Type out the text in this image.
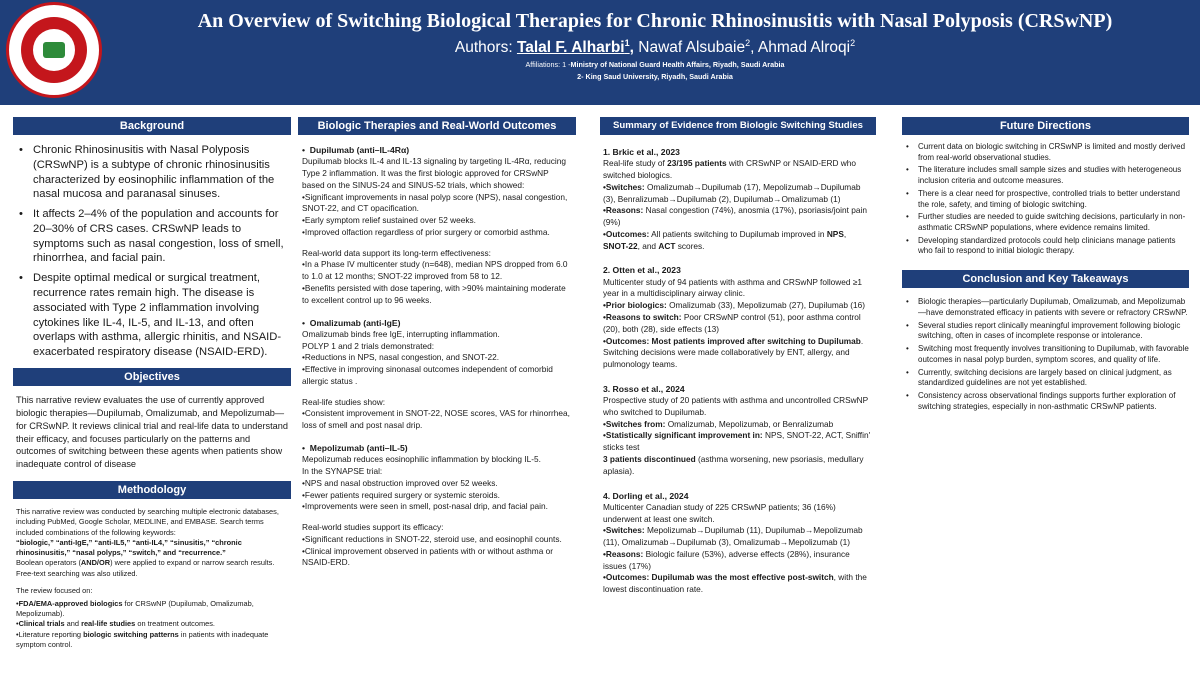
An Overview of Switching Biological Therapies for Chronic Rhinosinusitis with Nasal Polyposis (CRSwNP)
Authors: Talal F. Alharbi$^1$, Nawaf Alsubaie$^2$, Ahmad Alroqi$^2$
Affiliations: 1 -Ministry of National Guard Health Affairs, Riyadh, Saudi Arabia
2- King Saud University, Riyadh, Saudi Arabia
Background
• Chronic Rhinosinusitis with Nasal Polyposis (CRSwNP) is a subtype of chronic rhinosinusitis characterized by eosinophilic inflammation of the nasal mucosa and paranasal sinuses.
• It affects 2–4% of the population and accounts for 20–30% of CRS cases. CRSwNP leads to symptoms such as nasal congestion, loss of smell, rhinorrhea, and facial pain.
• Despite optimal medical or surgical treatment, recurrence rates remain high. The disease is associated with Type 2 inflammation involving cytokines like IL-4, IL-5, and IL-13, and often overlaps with asthma, allergic rhinitis, and NSAID-exacerbated respiratory disease (NSAID-ERD).
Objectives
This narrative review evaluates the use of currently approved biologic therapies—Dupilumab, Omalizumab, and Mepolizumab—for CRSwNP. It reviews clinical trial and real-life data to understand their efficacy, and focuses particularly on the patterns and outcomes of switching between these agents when patients show inadequate control of disease
Methodology
This narrative review was conducted by searching multiple electronic databases, including PubMed, Google Scholar, MEDLINE, and EMBASE. Search terms included combinations of the following keywords:
“biologic,” “anti-IgE,” “anti-IL5,” “anti-IL4,” “sinusitis,” “chronic rhinosinusitis,” “nasal polyps,” “switch,” and “recurrence.”
Boolean operators (AND/OR) were applied to expand or narrow search results. Free-text searching was also utilized.
The review focused on:
•FDA/EMA-approved biologics for CRSwNP (Dupilumab, Omalizumab, Mepolizumab).
•Clinical trials and real-life studies on treatment outcomes.
•Literature reporting biologic switching patterns in patients with inadequate symptom control.
Biologic Therapies and Real-World Outcomes
•  Dupilumab (anti–IL-4Rα)
Dupilumab blocks IL-4 and IL-13 signaling by targeting IL-4Rα, reducing Type 2 inflammation. It was the first biologic approved for CRSwNP based on the SINUS-24 and SINUS-52 trials, which showed:
•Significant improvements in nasal polyp score (NPS), nasal congestion, SNOT-22, and CT opacification.
•Early symptom relief sustained over 52 weeks.
•Improved olfaction regardless of prior surgery or comorbid asthma.
Real-world data support its long-term effectiveness:
•In a Phase IV multicenter study (n=648), median NPS dropped from 6.0 to 1.0 at 12 months; SNOT-22 improved from 58 to 12.
•Benefits persisted with dose tapering, with >90% maintaining moderate to excellent control up to 96 weeks.
•  Omalizumab (anti-IgE)
Omalizumab binds free IgE, interrupting inflammation.
POLYP 1 and 2 trials demonstrated:
•Reductions in NPS, nasal congestion, and SNOT-22.
•Effective in improving sinonasal outcomes independent of comorbid allergic status .
Real-life studies show:
•Consistent improvement in SNOT-22, NOSE scores, VAS for rhinorrhea, loss of smell and post nasal drip.
•  Mepolizumab (anti–IL-5)
Mepolizumab reduces eosinophilic inflammation by blocking IL-5.
In the SYNAPSE trial:
•NPS and nasal obstruction improved over 52 weeks.
•Fewer patients required surgery or systemic steroids.
•Improvements were seen in smell, post-nasal drip, and facial pain.
Real-world studies support its efficacy:
•Significant reductions in SNOT-22, steroid use, and eosinophil counts.
•Clinical improvement observed in patients with or without asthma or NSAID-ERD.
Summary of Evidence from Biologic Switching Studies
1. Brkic et al., 2023
Real-life study of 23/195 patients with CRSwNP or NSAID-ERD who switched biologics.
•Switches: Omalizumab→Dupilumab (17), Mepolizumab→Dupilumab (3), Benralizumab→Dupilumab (2), Dupilumab→Omalizumab (1)
•Reasons: Nasal congestion (74%), anosmia (17%), psoriasis/joint pain (9%)
•Outcomes: All patients switching to Dupilumab improved in NPS, SNOT-22, and ACT scores.
2. Otten et al., 2023
Multicenter study of 94 patients with asthma and CRSwNP followed ≥1 year in a multidisciplinary airway clinic.
•Prior biologics: Omalizumab (33), Mepolizumab (27), Dupilumab (16)
•Reasons to switch: Poor CRSwNP control (51), poor asthma control (20), both (28), side effects (13)
•Outcomes: Most patients improved after switching to Dupilumab. Switching decisions were made collaboratively by ENT, allergy, and pulmonology teams.
3. Rosso et al., 2024
Prospective study of 20 patients with asthma and uncontrolled CRSwNP who switched to Dupilumab.
•Switches from: Omalizumab, Mepolizumab, or Benralizumab
•Statistically significant improvement in: NPS, SNOT-22, ACT, Sniffin' sticks test
3 patients discontinued (asthma worsening, new psoriasis, medullary aplasia).
4. Dorling et al., 2024
Multicenter Canadian study of 225 CRSwNP patients; 36 (16%) underwent at least one switch.
•Switches: Mepolizumab→Dupilumab (11), Dupilumab→Mepolizumab (11), Omalizumab→Dupilumab (3), Omalizumab→Mepolizumab (1)
•Reasons: Biologic failure (53%), adverse effects (28%), insurance issues (17%)
•Outcomes: Dupilumab was the most effective post-switch, with the lowest discontinuation rate.
Future Directions
• Current data on biologic switching in CRSwNP is limited and mostly derived from real-world observational studies.
• The literature includes small sample sizes and studies with heterogeneous inclusion criteria and outcome measures.
• There is a clear need for prospective, controlled trials to better understand the role, safety, and timing of biologic switching.
• Further studies are needed to guide switching decisions, particularly in non-asthmatic CRSwNP populations, where evidence remains limited.
• Developing standardized protocols could help clinicians manage patients who fail to respond to initial biologic therapy.
Conclusion and Key Takeaways
• Biologic therapies—particularly Dupilumab, Omalizumab, and Mepolizumab—have demonstrated efficacy in patients with severe or refractory CRSwNP.
• Several studies report clinically meaningful improvement following biologic switching, often in cases of incomplete response or intolerance.
• Switching most frequently involves transitioning to Dupilumab, with favorable outcomes in nasal polyp burden, symptom scores, and quality of life.
• Currently, switching decisions are largely based on clinical judgment, as standardized guidelines are not yet established.
• Consistency across observational findings supports further exploration of switching strategies, especially in non-asthmatic CRSwNP patients.
